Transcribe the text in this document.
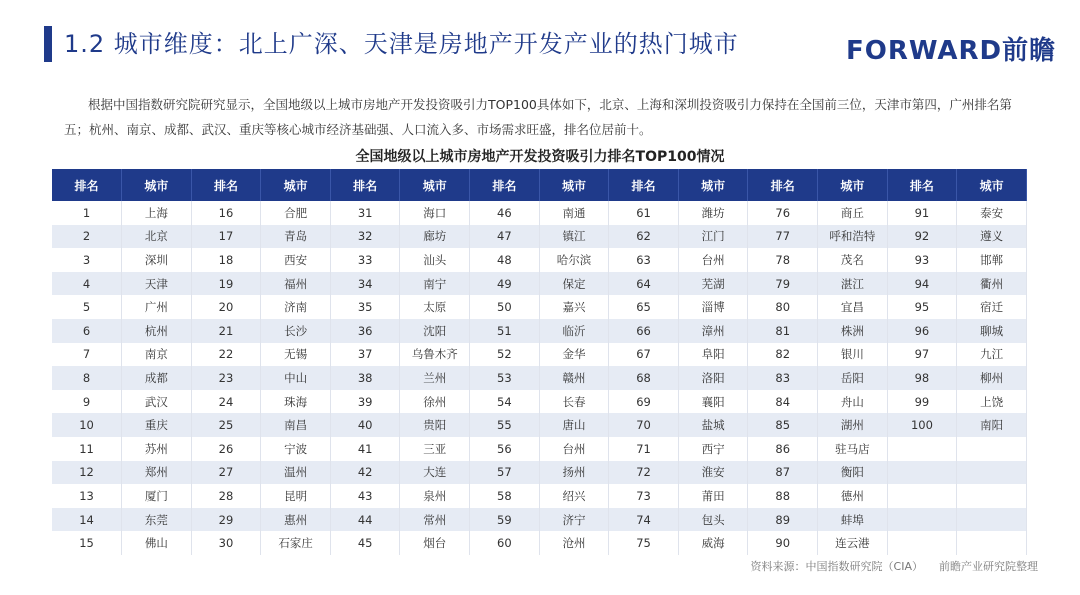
1.2 城市维度：北上广深、天津是房地产开发产业的热门城市	FORWARD前瞻
根据中国指数研究院研究显示，全国地级以上城市房地产开发投资吸引力TOP100具体如下，北京、上海和深圳投资吸引力保持在全国前三位，天津市第四，广州排名第五；杭州、南京、成都、武汉、重庆等核心城市经济基础强、人口流入多、市场需求旺盛，排名位居前十。
全国地级以上城市房地产开发投资吸引力排名TOP100情况
排名	城市	排名	城市	排名	城市	排名	城市	排名	城市	排名	城市	排名	城市
1	上海	16	合肥	31	海口	46	南通	61	潍坊	76	商丘	91	泰安
2	北京	17	青岛	32	廊坊	47	镇江	62	江门	77	呼和浩特	92	遵义
3	深圳	18	西安	33	汕头	48	哈尔滨	63	台州	78	茂名	93	邯郸
4	天津	19	福州	34	南宁	49	保定	64	芜湖	79	湛江	94	衢州
5	广州	20	济南	35	太原	50	嘉兴	65	淄博	80	宜昌	95	宿迁
6	杭州	21	长沙	36	沈阳	51	临沂	66	漳州	81	株洲	96	聊城
7	南京	22	无锡	37	乌鲁木齐	52	金华	67	阜阳	82	银川	97	九江
8	成都	23	中山	38	兰州	53	赣州	68	洛阳	83	岳阳	98	柳州
9	武汉	24	珠海	39	徐州	54	长春	69	襄阳	84	舟山	99	上饶
10	重庆	25	南昌	40	贵阳	55	唐山	70	盐城	85	湖州	100	南阳
11	苏州	26	宁波	41	三亚	56	台州	71	西宁	86	驻马店		
12	郑州	27	温州	42	大连	57	扬州	72	淮安	87	衡阳		
13	厦门	28	昆明	43	泉州	58	绍兴	73	莆田	88	德州		
14	东莞	29	惠州	44	常州	59	济宁	74	包头	89	蚌埠		
15	佛山	30	石家庄	45	烟台	60	沧州	75	威海	90	连云港		
资料来源：中国指数研究院（CIA） 前瞻产业研究院整理
